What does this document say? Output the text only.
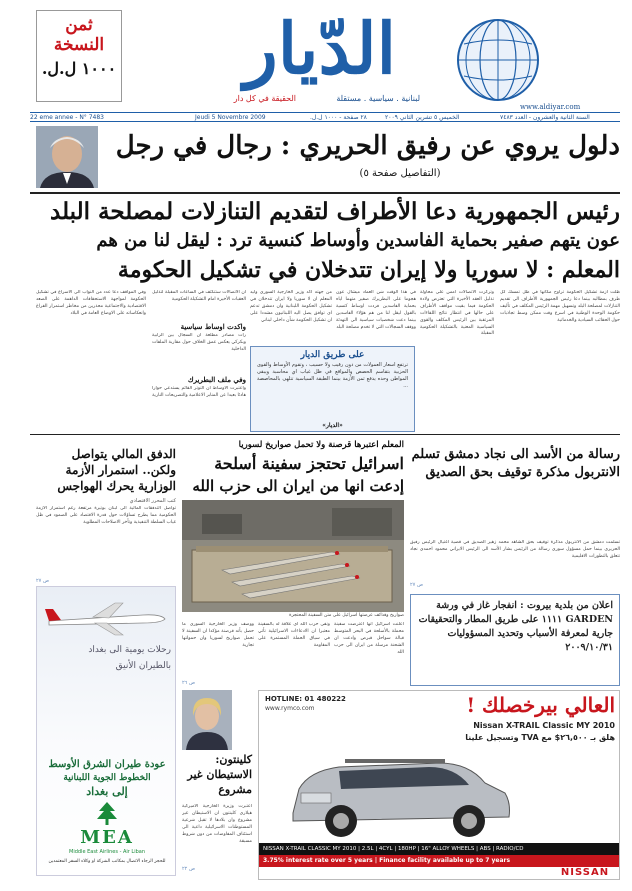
ثمن
النسخة
١٠٠٠ ل.ل.	الدّيار
الحقيقة في كل دار	لبنانية . سياسية . مستقلة
www.aldiyar.com
22 eme annee - N° 7483	Jeudi 5 Novembre 2009	٢٨ صفحة - ١٠٠٠ ل.ل.	الخميس ٥ تشرين الثاني ٢٠٠٩	السنة الثانية والعشرون - العدد ٧٤٨٣
دلول يروي عن رفيق الحريري : رجال في رجل
(التفاصيل صفحة ٥)
رئيس الجمهورية دعا الأطراف لتقديم التنازلات لمصلحة البلد
عون يتهم صفير بحماية الفاسدين وأوساط كنسية ترد : ليقل لنا من هم
المعلم : لا سوريا ولا إيران تتدخلان في تشكيل الحكومة
ظلت ازمة تشكيل الحكومة تراوح مكانها في ظل تمسك كل طرف بمطالبه بينما دعا رئيس الجمهورية الأطراف الى تقديم التنازلات لمصلحة البلد وتسهيل مهمة الرئيس المكلف في تأليف حكومة الوحدة الوطنية في اسرع وقت ممكن وسط تجاذبات حول الحقائب السيادية والخدماتية
وتركزت الاتصالات امس على محاولة تذليل العقد الأخيرة التي تعترض ولادة الحكومة فيما بقيت مواقف الأطراف على حالها في انتظار نتائج اللقاءات المرتقبة بين الرئيس المكلف والقوى السياسية المعنية بالتشكيلة الحكومية المقبلة
في هذا الوقت شن العماد ميشال عون هجوما على البطريرك صفير متهما اياه بحماية الفاسدين فردت اوساط كنسية بالقول ليقل لنا من هم هؤلاء الفاسدين بينما دعت شخصيات سياسية الى التهدئة ووقف السجالات التي لا تخدم مصلحة البلد
من جهته اكد وزير الخارجية السوري وليد المعلم ان لا سوريا ولا ايران تتدخلان في تشكيل الحكومة اللبنانية وان دمشق تدعم اي توافق يصل اليه اللبنانيون مشددا على ان تشكيل الحكومة شأن داخلي لبناني
وفي المواقف دعا عدد من النواب الى الاسراع في تشكيل الحكومة لمواجهة الاستحقاقات الداهمة على الصعد الاقتصادية والاجتماعية محذرين من مخاطر استمرار الفراغ وانعكاساته على الاوضاع العامة في البلاد
على طريق الديار
ترتفع اسعار العمولات من دون رقيب ولا حسيب ، وتقوم الأوساط والقوى الحزبية بتقاسم الحصص والمواقع في ظل غياب اي محاسبة ويبقى المواطن وحده يدفع ثمن الأزمة بينما الطبقة السياسية تتلهى بالمحاصصة ...
«الديار»
ان الاتصالات ستتكثف في الساعات المقبلة لتذليل العقبات الأخيرة امام التشكيلة الحكومية
واكدت اوساط سياسية
رأت مصادر مطلعة ان السجال بين الرابية وبكركي يعكس عمق الخلاف حول مقاربة الملفات الداخلية
وفي ملف البطريرك
واعتبرت الأوساط ان التوتر القائم يستدعي حوارا هادئا بعيدا عن المنابر الاعلامية والتصريحات النارية
الدفق المالي يتواصل ولكن.. استمرار الأزمة الوزارية يحرك الهواجس
كتب المحرر الاقتصادي
تواصل التدفقات المالية الى لبنان بوتيرة مرتفعة رغم استمرار الأزمة الحكومية مما يطرح تساؤلات حول قدرة الاقتصاد على الصمود في ظل غياب السلطة التنفيذية وتأخر الاصلاحات المطلوبة
ص ٢٧
رحلات يومية الى بغداد
بالطيران الأنيق
عودة طيران الشرق الأوسط
الخطوط الجوية اللبنانية
إلى بغداد
MEA
Middle East Airlines - Air Liban
للحجز الرجاء الاتصال بمكاتب الشركة او وكلاء السفر المعتمدين
المعلم اعتبرها قرصنة ولا تحمل صواريخ لسوريا
اسرائيل تحتجز سفينة أسلحة
إدعت انها من ايران الى حزب الله
صواريخ وقذائف عرضتها اسرائيل على متن السفينة المحتجزة
اعلنت اسرائيل انها اعترضت سفينة محملة بالأسلحة في البحر المتوسط قبالة سواحل قبرص وادعت ان الشحنة مرسلة من ايران الى حزب الله
ونفى حزب الله اي علاقة له بالسفينة معتبرا ان الادعاءات الاسرائيلية تأتي في سياق الحملة المستمرة على المقاومة
ووصف وزير الخارجية السوري ما حصل بأنه قرصنة مؤكدا ان السفينة لا تحمل صواريخ لسوريا وان حمولتها تجارية
ص ٢٦
رسالة من الأسد الى نجاد دمشق تسلم الانتربول مذكرة توقيف بحق الصديق
تسلمت دمشق من الانتربول مذكرة توقيف بحق الشاهد محمد زهير الصديق في قضية اغتيال الرئيس رفيق الحريري بينما حمل مسؤول سوري رسالة من الرئيس بشار الأسد الى الرئيس الايراني محمود احمدي نجاد تتعلق بالتطورات الاقليمية
ص ٢٧
اعلان من بلدية بيروت : انفجار غاز في ورشة GARDEN ١١١١ على طريق المطار والتحقيقات جارية لمعرفة الأسباب وتحديد المسؤوليات ٢٠٠٩/١٠/٣١
كلينتون: الاستيطان غير مشروع
اعتبرت وزيرة الخارجية الاميركية هيلاري كلينتون ان الاستيطان غير مشروع وان بلادها لا تقبل شرعية المستوطنات الاسرائيلية داعية الى استئناف المفاوضات من دون شروط مسبقة
ص ٢٢
HOTLINE: 01 480222
www.rymco.com	العالي بيرخصلك !
Nissan X-TRAIL Classic MY 2010
هلق بـ ٢٦,٥٠٠$ مع TVA وتسجيل علينا
NISSAN X-TRAIL CLASSIC MY 2010 | 2.5L | 4CYL | 180HP | 16" ALLOY WHEELS | ABS | RADIO/CD
3.75% interest rate over 5 years | Finance facility available up to 7 years
NISSAN
